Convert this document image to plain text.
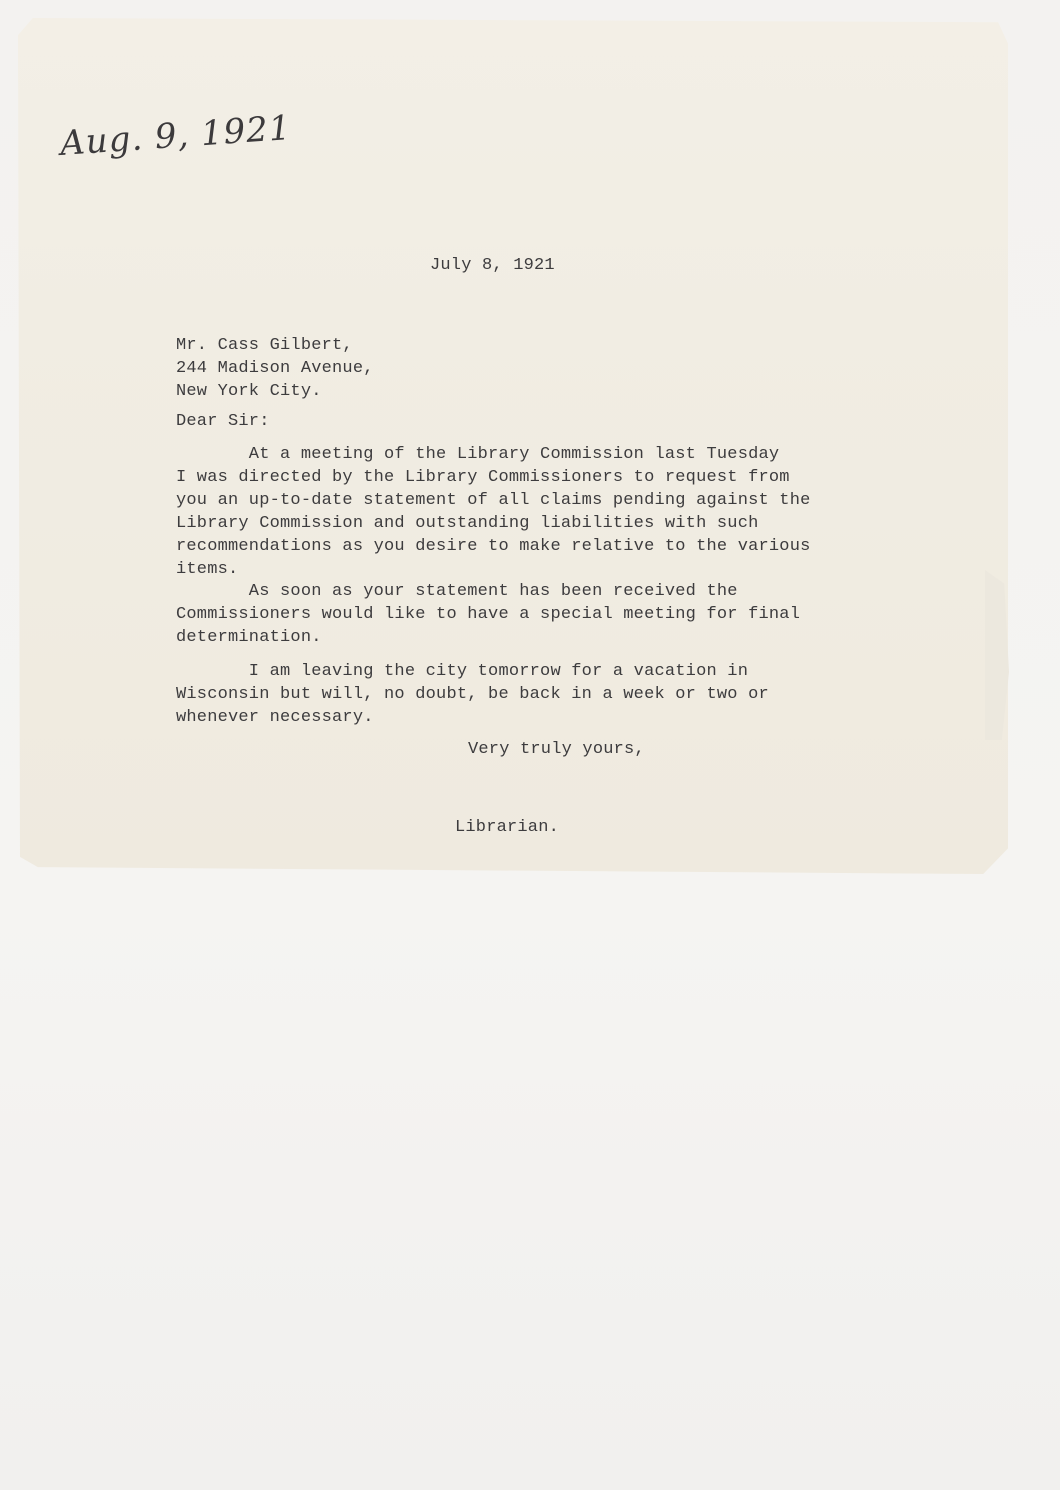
Aug. 9, 1921
July 8, 1921
Mr. Cass Gilbert,
244 Madison Avenue,
New York City.
Dear Sir:
At a meeting of the Library Commission last Tuesday
I was directed by the Library Commissioners to request from
you an up-to-date statement of all claims pending against the
Library Commission and outstanding liabilities with such
recommendations as you desire to make relative to the various
items.
As soon as your statement has been received the
Commissioners would like to have a special meeting for final
determination.
I am leaving the city tomorrow for a vacation in
Wisconsin but will, no doubt, be back in a week or two or
whenever necessary.
Very truly yours,
Librarian.
